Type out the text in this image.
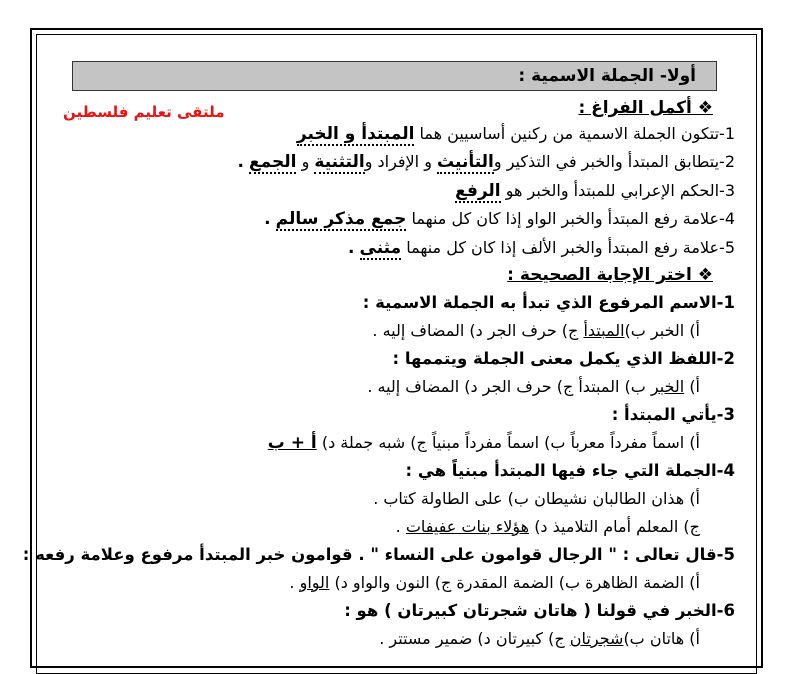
أولا- الجملة الاسمية :
ملتقى تعليم فلسطين	❖ أكمل الفراغ :
1-تتكون الجملة الاسمية من ركنين أساسيين هما المبتدأ و الخبر
2-يتطابق المبتدأ والخبر في التذكير والتأنيث و الإفراد والتثنية و الجمع .
3-الحكم الإعرابي للمبتدأ والخبر هو الرفع
4-علامة رفع المبتدأ والخبر الواو إذا كان كل منهما جمع مذكر سالم .
5-علامة رفع المبتدأ والخبر الألف إذا كان كل منهما مثنى .
❖ اختر الإجابة الصحيحة :
1-الاسم المرفوع الذي تبدأ به الجملة الاسمية :
أ) الخبر ب)المبتدأ ج) حرف الجر د) المضاف إليه .
2-اللفظ الذي يكمل معنى الجملة ويتممها :
أ) الخبر ب) المبتدأ ج) حرف الجر د) المضاف إليه .
3-يأتي المبتدأ :
أ) اسماً مفرداً معرباً ب) اسماً مفرداً مبنياً ج) شبه جملة د) أ + ب
4-الجملة التي جاء فيها المبتدأ مبنياً هي :
أ) هذان الطالبان نشيطان ب) على الطاولة كتاب .
ج) المعلم أمام التلاميذ د) هؤلاء بنات عفيفات .
5-قال تعالى : " الرجال قوامون على النساء " . قوامون خبر المبتدأ مرفوع وعلامة رفعه :
أ) الضمة الظاهرة ب) الضمة المقدرة ج) النون والواو د) الواو .
6-الخبر في قولنا ( هاتان شجرتان كبيرتان ) هو :
أ) هاتان ب)شجرتان ج) كبيرتان د) ضمير مستتر .
